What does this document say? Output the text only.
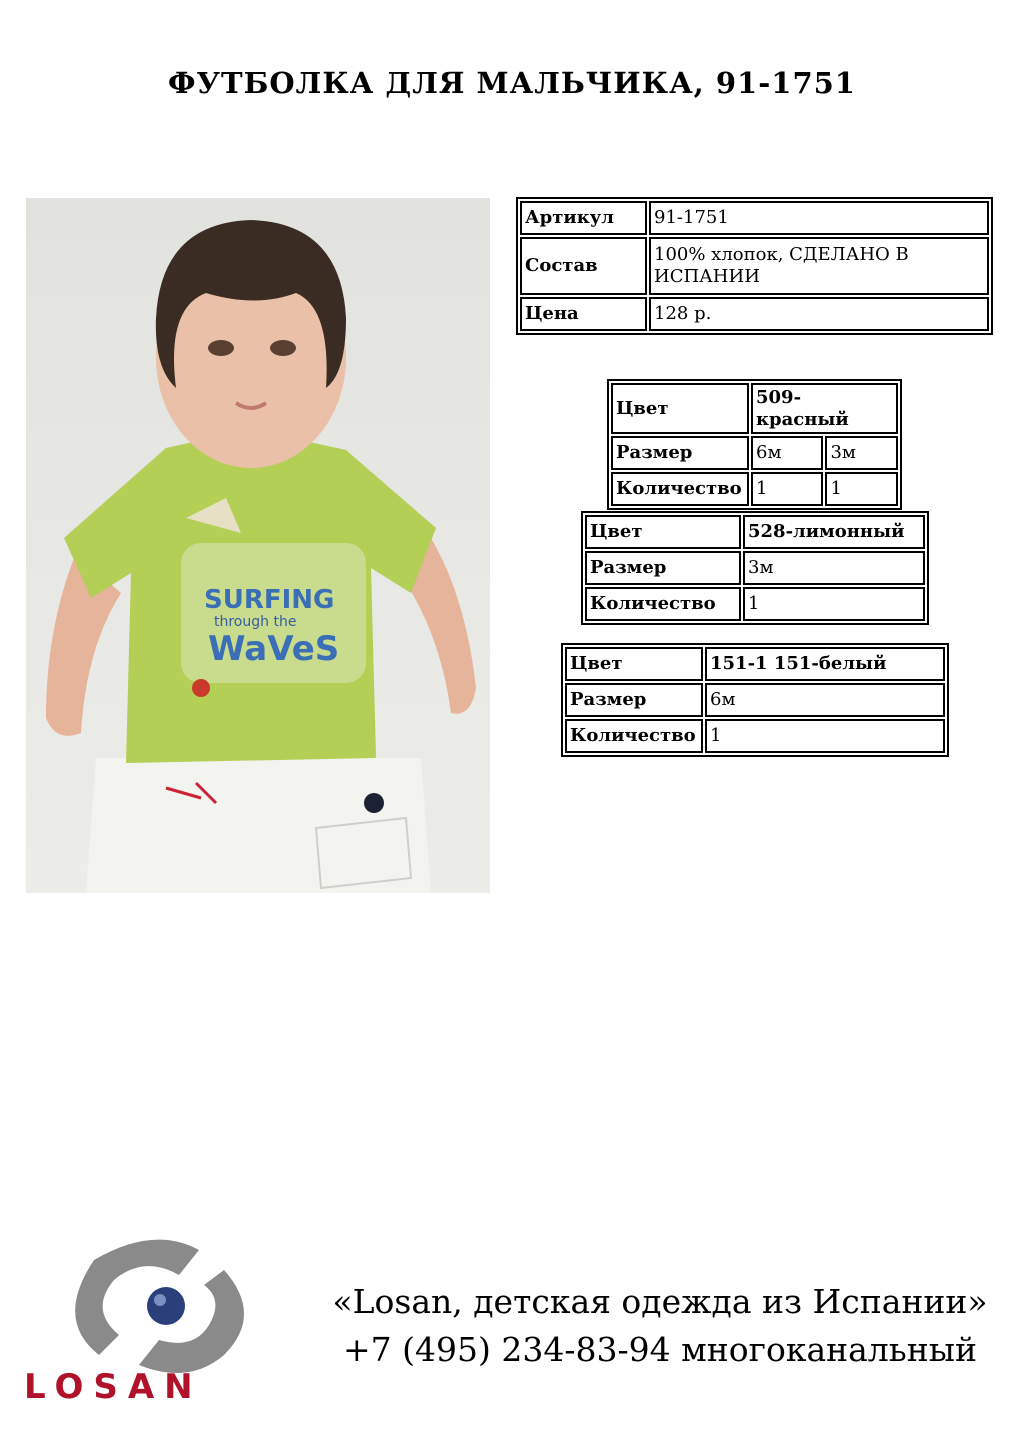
ФУТБОЛКА ДЛЯ МАЛЬЧИКА, 91-1751
SURFING
through the
WaVeS
Артикул	91-1751
Состав	100% хлопок, СДЕЛАНО В ИСПАНИИ
Цена	128 р.
Цвет	509-красный	
Размер	6м	3м
Количество	1	1
Цвет	528-лимонный
Размер	3м
Количество	1
Цвет	151-1 151-белый
Размер	6м
Количество	1
LOSAN
«Losan, детская одежда из Испании»
+7 (495) 234-83-94 многоканальный
